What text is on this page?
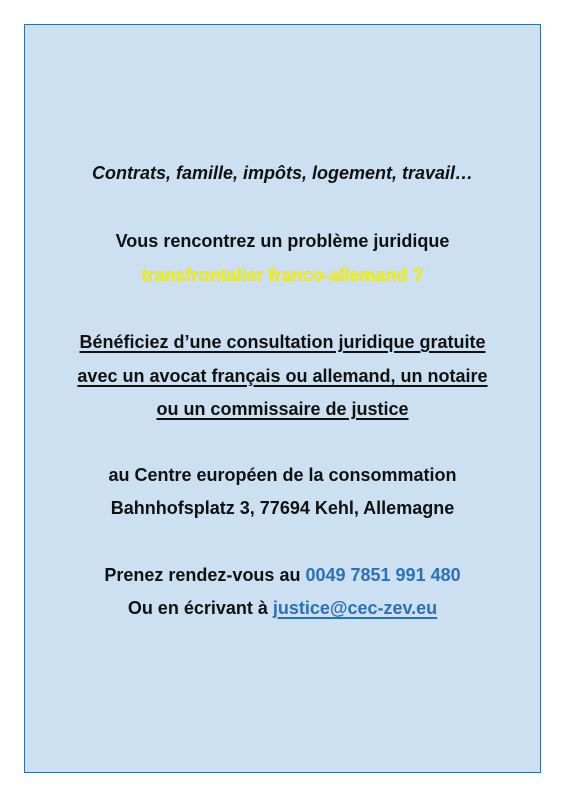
Contrats, famille, impôts, logement, travail…
Vous rencontrez un problème juridique
transfrontalier franco-allemand ?
Bénéficiez d’une consultation juridique gratuite
avec un avocat français ou allemand, un notaire
ou un commissaire de justice
au Centre européen de la consommation
Bahnhofsplatz 3, 77694 Kehl, Allemagne
Prenez rendez-vous au 0049 7851 991 480
Ou en écrivant à justice@cec-zev.eu
